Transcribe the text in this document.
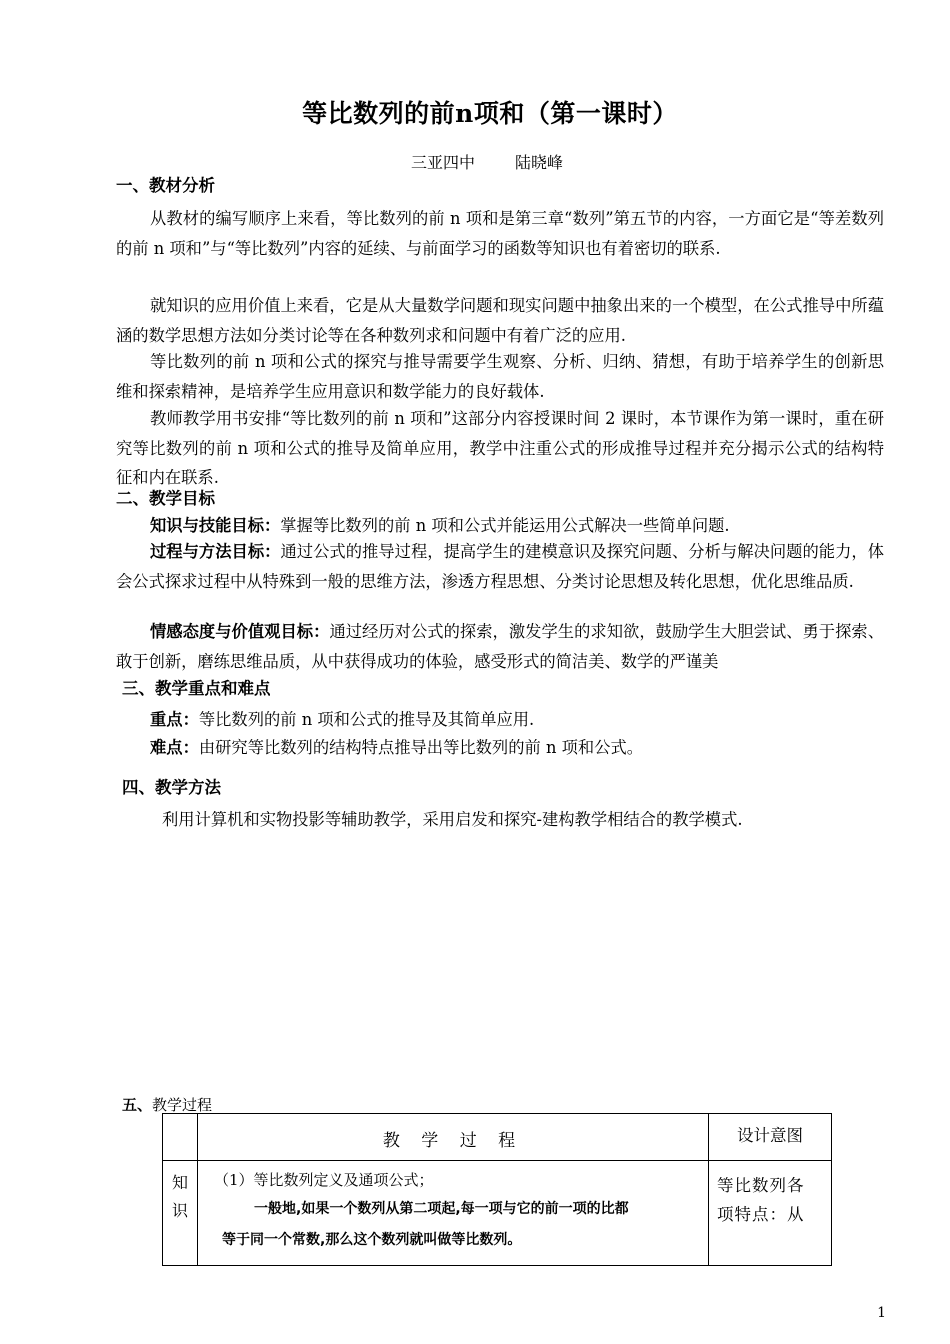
等比数列的前n项和（第一课时）
三亚四中	陆晓峰
一、教材分析
从教材的编写顺序上来看，等比数列的前 n 项和是第三章“数列”第五节的内容，一方面它是“等差数列的前 n 项和”与“等比数列”内容的延续、与前面学习的函数等知识也有着密切的联系.
就知识的应用价值上来看，它是从大量数学问题和现实问题中抽象出来的一个模型，在公式推导中所蕴涵的数学思想方法如分类讨论等在各种数列求和问题中有着广泛的应用.
等比数列的前 n 项和公式的探究与推导需要学生观察、分析、归纳、猜想，有助于培养学生的创新思维和探索精神，是培养学生应用意识和数学能力的良好载体.
教师教学用书安排“等比数列的前 n 项和”这部分内容授课时间 2 课时，本节课作为第一课时，重在研究等比数列的前 n 项和公式的推导及简单应用，教学中注重公式的形成推导过程并充分揭示公式的结构特征和内在联系.
二、教学目标
知识与技能目标：掌握等比数列的前 n 项和公式并能运用公式解决一些简单问题.
过程与方法目标：通过公式的推导过程，提高学生的建模意识及探究问题、分析与解决问题的能力，体会公式探求过程中从特殊到一般的思维方法，渗透方程思想、分类讨论思想及转化思想，优化思维品质.
情感态度与价值观目标：通过经历对公式的探索，激发学生的求知欲，鼓励学生大胆尝试、勇于探索、敢于创新，磨练思维品质，从中获得成功的体验，感受形式的简洁美、数学的严谨美
三、教学重点和难点
重点：等比数列的前 n 项和公式的推导及其简单应用.
难点：由研究等比数列的结构特点推导出等比数列的前 n 项和公式。
四、教学方法
利用计算机和实物投影等辅助教学，采用启发和探究-建构教学相结合的教学模式.
五、教学过程
	教 学 过 程	设计意图

知识	（1）等比数列定义及通项公式；
一般地,如果一个数列从第二项起,每一项与它的前一项的比都
等于同一个常数,那么这个数列就叫做等比数列。	等比数列各项特点：从
1
